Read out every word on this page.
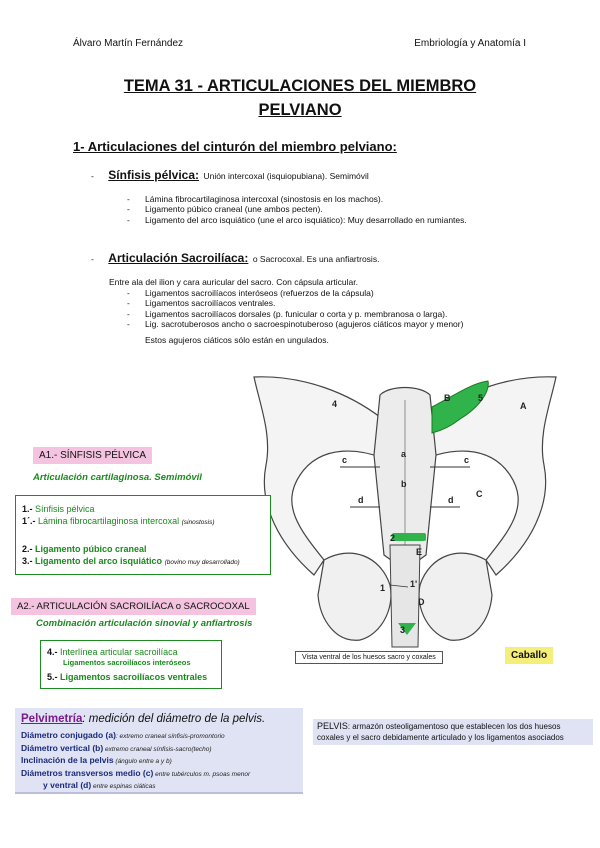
Álvaro Martín Fernández	Embriología y Anatomía I
TEMA 31 - ARTICULACIONES DEL MIEMBRO
PELVIANO
1- Articulaciones del cinturón del miembro pelviano:
- Sínfisis pélvica: Unión intercoxal (isquiopubiana). Semimóvil
- Lámina fibrocartilaginosa intercoxal (sinostosis en los machos).
- Ligamento púbico craneal (une ambos pecten).
- Ligamento del arco isquiático (une el arco isquiático): Muy desarrollado en rumiantes.
- Articulación Sacroilíaca: o Sacrocoxal. Es una anfiartrosis.
Entre ala del ilion y cara auricular del sacro. Con cápsula articular.
- Ligamentos sacroilíacos interóseos (refuerzos de la cápsula)
- Ligamentos sacroilíacos ventrales.
- Ligamentos sacroilíacos dorsales (p. funicular o corta y p. membranosa o larga).
- Lig. sacrotuberosos ancho o sacroespinotuberoso (agujeros ciáticos mayor y menor)
Estos agujeros ciáticos sólo están en ungulados.
A
B
C
D
E
a
b
c	c
d	d
1	1'
2
3
4
5
Vista ventral de los huesos sacro y coxales	Caballo
A1.- SÍNFISIS PÉLVICA
Articulación cartilaginosa. Semimóvil
1.- Sínfisis pélvica
1´.- Lámina fibrocartilaginosa intercoxal (sinostosis)
2.- Ligamento púbico craneal
3.- Ligamento del arco isquiático (bovino muy desarrollado)
A2.- ARTICULACIÓN SACROILÍACA o SACROCOXAL
Combinación articulación sinovial y anfiartrosis
4.- Interlínea articular sacroilíaca
Ligamentos sacroilíacos interóseos
5.- Ligamentos sacroilíacos ventrales
Pelvimetría: medición del diámetro de la pelvis.
Diámetro conjugado (a): extremo craneal sínfisis-promontorio
Diámetro vertical (b) extremo craneal sínfisis-sacro(techo)
Inclinación de la pelvis (ángulo entre a y b)
Diámetros transversos medio (c) entre tubérculos m. psoas menor
y ventral (d) entre espinas ciáticas
PELVIS: armazón osteoligamentoso que establecen los dos huesos coxales y el sacro debidamente articulado y los ligamentos asociados
